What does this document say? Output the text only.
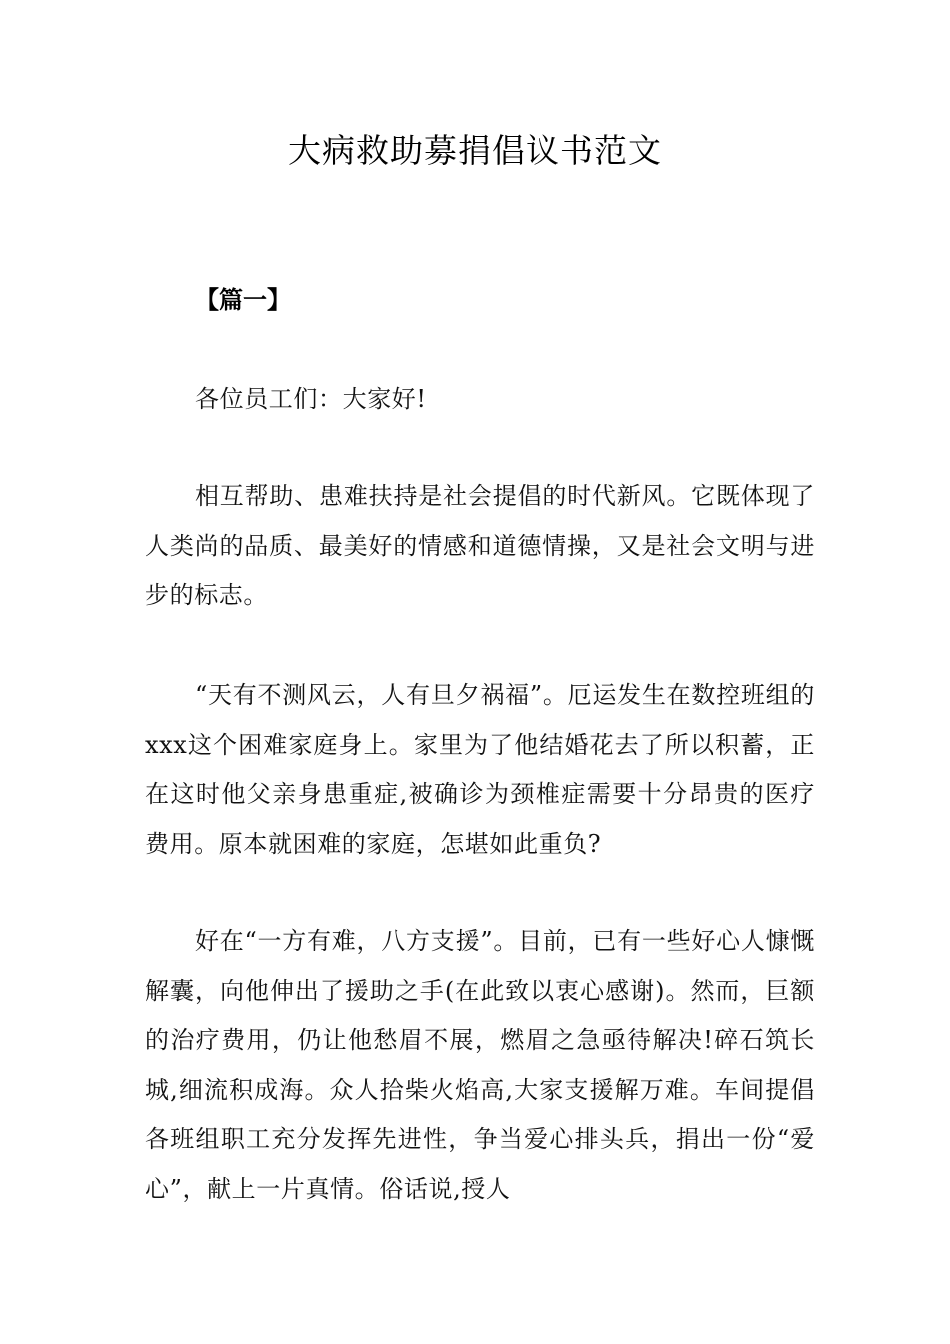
大病救助募捐倡议书范文
【篇一】

各位员工们：大家好!

相互帮助、患难扶持是社会提倡的时代新风。它既体现了人类尚的品质、最美好的情感和道德情操，又是社会文明与进步的标志。

“天有不测风云，人有旦夕祸福”。厄运发生在数控班组的xxx这个困难家庭身上。家里为了他结婚花去了所以积蓄，正在这时他父亲身患重症,被确诊为颈椎症需要十分昂贵的医疗费用。原本就困难的家庭，怎堪如此重负?

好在“一方有难，八方支援”。目前，已有一些好心人慷慨解囊，向他伸出了援助之手(在此致以衷心感谢)。然而，巨额的治疗费用，仍让他愁眉不展，燃眉之急亟待解决!碎石筑长城,细流积成海。众人拾柴火焰高,大家支援解万难。车间提倡各班组职工充分发挥先进性，争当爱心排头兵，捐出一份“爱心”，献上一片真情。俗话说,授人
